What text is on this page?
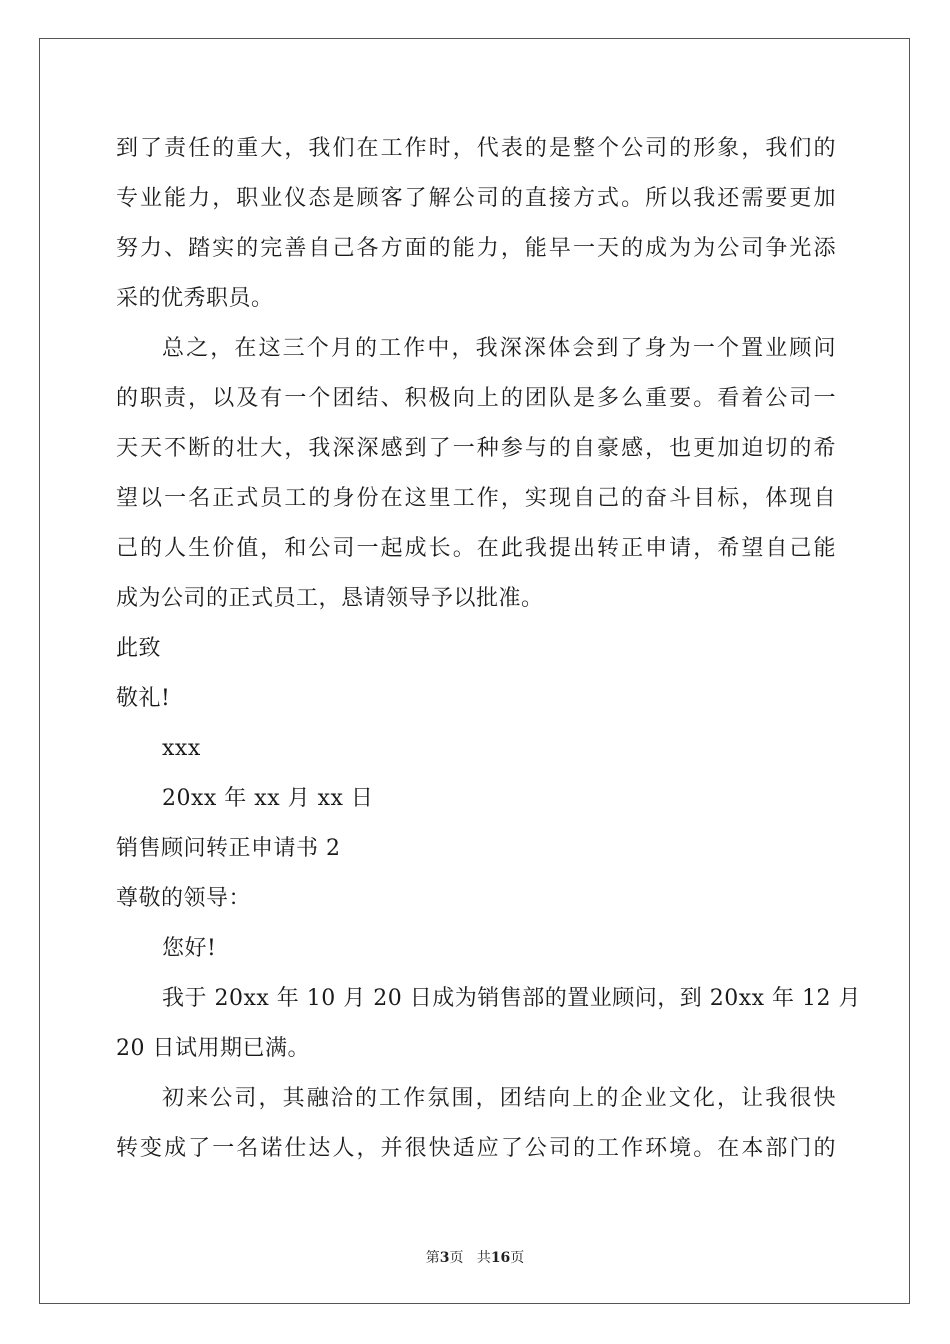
到了责任的重大，我们在工作时，代表的是整个公司的形象，我们的
专业能力，职业仪态是顾客了解公司的直接方式。所以我还需要更加
努力、踏实的完善自己各方面的能力，能早一天的成为为公司争光添
采的优秀职员。
总之，在这三个月的工作中，我深深体会到了身为一个置业顾问
的职责，以及有一个团结、积极向上的团队是多么重要。看着公司一
天天不断的壮大，我深深感到了一种参与的自豪感，也更加迫切的希
望以一名正式员工的身份在这里工作，实现自己的奋斗目标，体现自
己的人生价值，和公司一起成长。在此我提出转正申请，希望自己能
成为公司的正式员工，恳请领导予以批准。
此致
敬礼!
xxx
20xx 年 xx 月 xx 日
销售顾问转正申请书 2
尊敬的领导：
您好!
我于 20xx 年 10 月 20 日成为销售部的置业顾问，到 20xx 年 12 月
20 日试用期已满。
初来公司，其融洽的工作氛围，团结向上的企业文化，让我很快
转变成了一名诺仕达人，并很快适应了公司的工作环境。在本部门的
第3页 共16页
